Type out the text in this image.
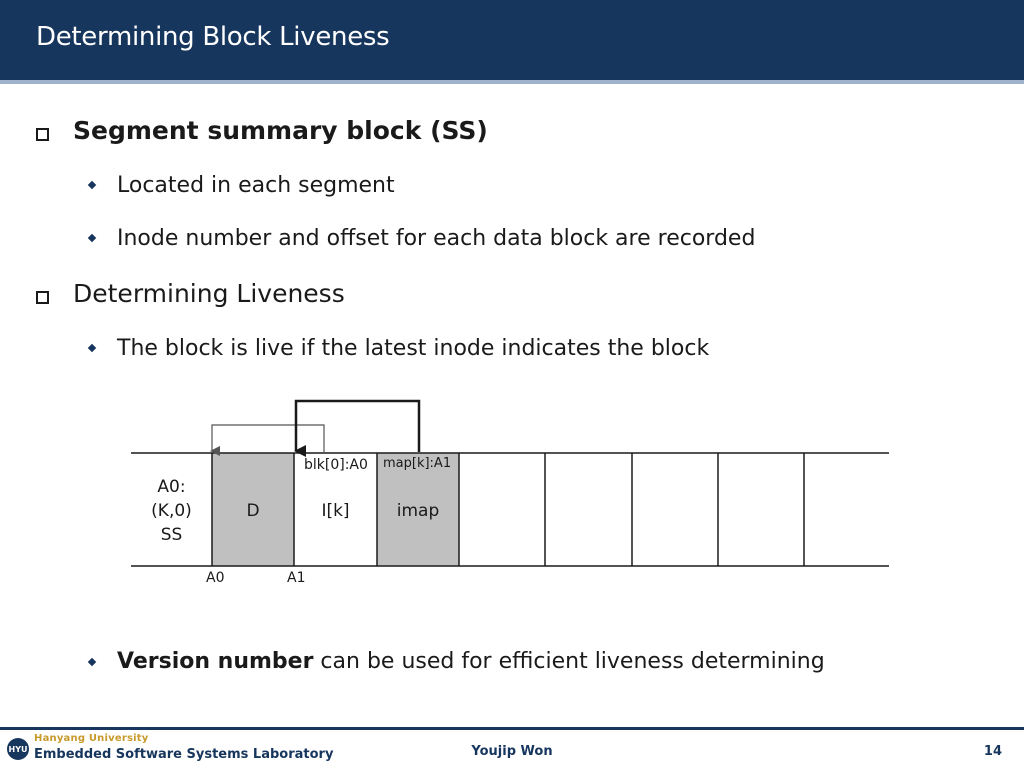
Determining Block Liveness
Segment summary block (SS)
Located in each segment
Inode number and offset for each data block are recorded
Determining Liveness
The block is live if the latest inode indicates the block
A0:
(K,0)
SS
D
blk[0]:A0
I[k]
map[k]:A1
imap
A0	A1
Version number can be used for efficient liveness determining
HYU
Hanyang University
Embedded Software Systems Laboratory	Youjip Won	14
